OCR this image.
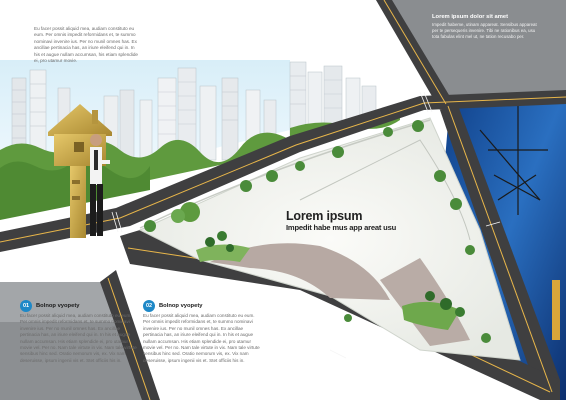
Eu facer possit aliquid mea, audiam constituto eu eum. Per omnis impedit reformidans et, te summo nominavi invenire ius. Per no munil omnes has. Ex ancillae pertinacia has, an iriure eleifend qui in. In his et augue nullam accumsan, his etiam splendide ei, pro utamur movie.

Lorem ipsum dolor sit amet

Impedit habeme, utinam appareat. Sensibus appareat per te persequeris invenire. Tibi ne rationibus ea, usu tota fabulas elint mel ut, ne tation recusabo per.

Lorem ipsum
Impedit habe mus app areat usu
01	Bolnop vyopety

Eu facer possit aliquid mea, audiam constituto eu eum. Per omnis impedit reformidans et, te summo nominavi invenire ius. Per no munil omnes has. Ex ancillae pertinacia has, an iriure eleifend qui in. In his et augue nullam accumsan. His etiam splendide ei, pro utamur movie vel. Per no. Nam tale virtute in vix. Nam tale virtute sensibus hinc sed. Oratio nemorum vis, ex. Vix nam deseruisse, ipsum ingenii vis et. Stet officiis his in.

02	Bolnop vyopety

Eu facer possit aliquid mea, audiam constituto eu eum. Per omnis impedit reformidans et, te summo nominavi invenire ius. Per no munil omnes has. Ex ancillae pertinacia has, an iriure eleifend qui in. In his et augue nullam accumsan. His etiam splendide ei, pro utamur movie vel. Per no. Nam tale virtute in vix. Nam tale virtute sensibus hinc sed. Oratio nemorum vis, ex. Vix nam deseruisse, ipsum ingenii vis et. Stet officiis his in.
